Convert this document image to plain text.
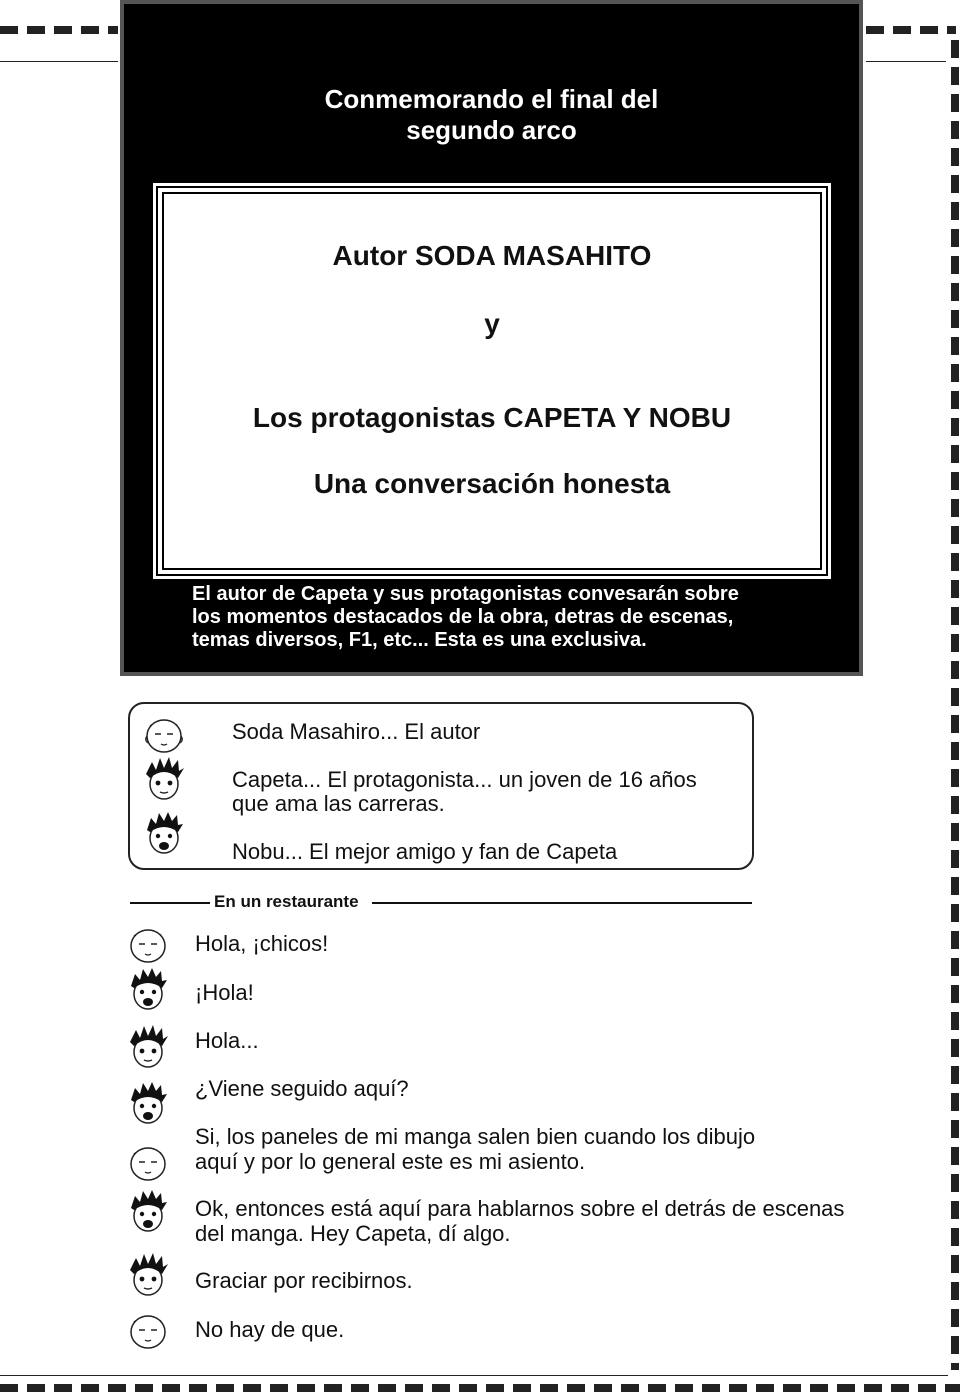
Conmemorando el final del
segundo arco
Autor SODA MASAHITO
y
Los protagonistas CAPETA Y NOBU
Una conversación honesta
El autor de Capeta y sus protagonistas convesarán sobre
los momentos destacados de la obra, detras de escenas,
temas diversos, F1, etc... Esta es una exclusiva.
Soda Masahiro... El autor
Capeta... El protagonista... un joven de 16 años
que ama las carreras.
Nobu... El mejor amigo y fan de Capeta
En un restaurante
Hola, ¡chicos!
¡Hola!
Hola...
¿Viene seguido aquí?
Si, los paneles de mi manga salen bien cuando los dibujo
aquí y por lo general este es mi asiento.
Ok, entonces está aquí para hablarnos sobre el detrás de escenas
del manga. Hey Capeta, dí algo.
Graciar por recibirnos.
No hay de que.
